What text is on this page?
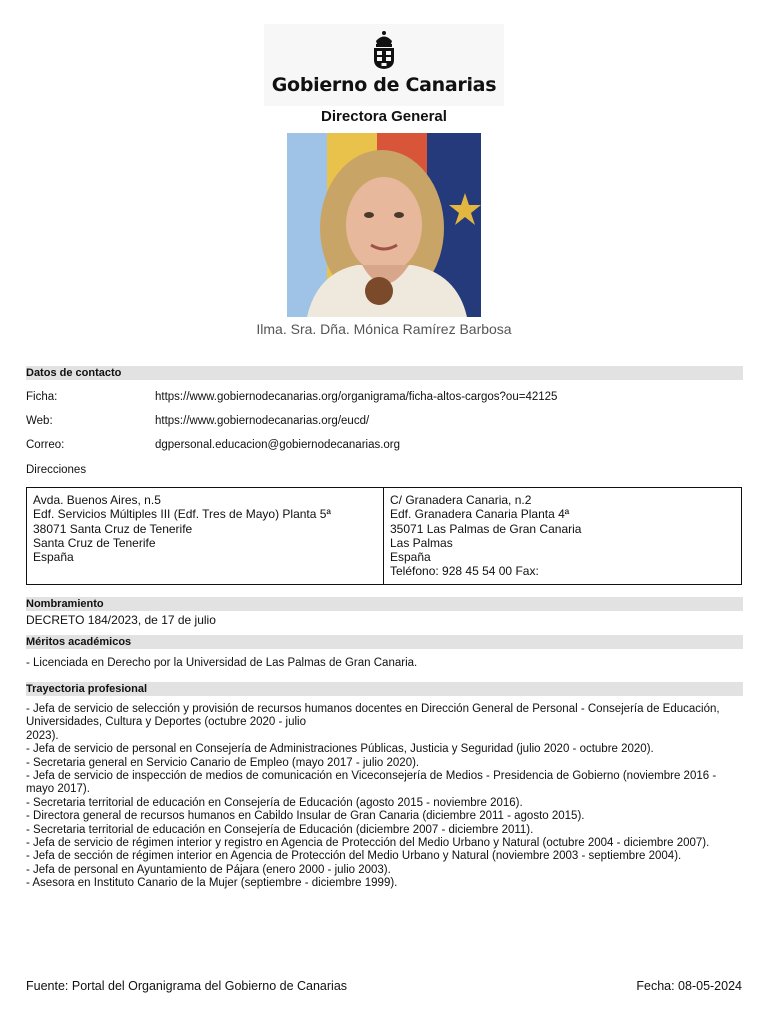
Gobierno de Canarias
Directora General
Ilma. Sra. Dña. Mónica Ramírez Barbosa
Datos de contacto
Ficha:	https://www.gobiernodecanarias.org/organigrama/ficha-altos-cargos?ou=42125
Web:	https://www.gobiernodecanarias.org/eucd/
Correo:	dgpersonal.educacion@gobiernodecanarias.org
Direcciones
Avda. Buenos Aires, n.5
Edf. Servicios Múltiples III (Edf. Tres de Mayo) Planta 5ª
38071 Santa Cruz de Tenerife
Santa Cruz de Tenerife
España
C/ Granadera Canaria, n.2
Edf. Granadera Canaria Planta 4ª
35071 Las Palmas de Gran Canaria
Las Palmas
España
Teléfono: 928 45 54 00 Fax:
Nombramiento
DECRETO 184/2023, de 17 de julio
Méritos académicos
- Licenciada en Derecho por la Universidad de Las Palmas de Gran Canaria.
Trayectoria profesional
- Jefa de servicio de selección y provisión de recursos humanos docentes en Dirección General de Personal - Consejería de Educación, Universidades, Cultura y Deportes (octubre 2020 - julio
2023).
- Jefa de servicio de personal en Consejería de Administraciones Públicas, Justicia y Seguridad (julio 2020 - octubre 2020).
- Secretaria general en Servicio Canario de Empleo (mayo 2017 - julio 2020).
- Jefa de servicio de inspección de medios de comunicación en Viceconsejería de Medios - Presidencia de Gobierno (noviembre 2016 - mayo 2017).
- Secretaria territorial de educación en Consejería de Educación (agosto 2015 - noviembre 2016).
- Directora general de recursos humanos en Cabildo Insular de Gran Canaria (diciembre 2011 - agosto 2015).
- Secretaria territorial de educación en Consejería de Educación (diciembre 2007 - diciembre 2011).
- Jefa de servicio de régimen interior y registro en Agencia de Protección del Medio Urbano y Natural (octubre 2004 - diciembre 2007).
- Jefa de sección de régimen interior en Agencia de Protección del Medio Urbano y Natural (noviembre 2003 - septiembre 2004).
- Jefa de personal en Ayuntamiento de Pájara (enero 2000 - julio 2003).
- Asesora en Instituto Canario de la Mujer (septiembre - diciembre 1999).
Fuente: Portal del Organigrama del Gobierno de Canarias	Fecha: 08-05-2024
